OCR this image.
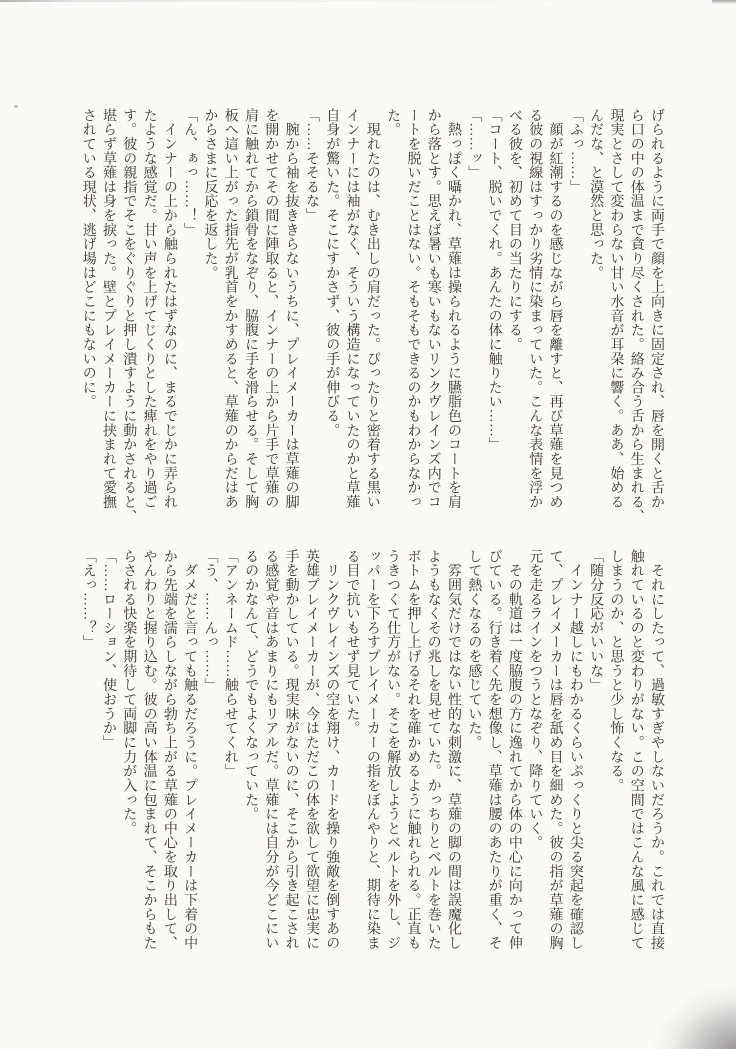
げられるように両手で顔を上向きに固定され、唇を開くと舌か

ら口の中の体温まで貪り尽くされた。絡み合う舌から生まれる、

現実とさして変わらない甘い水音が耳朶に響く。ああ、始める

んだな、と漠然と思った。

「ふっ……」

　顔が紅潮するのを感じながら唇を離すと、再び草薙を見つめ

る彼の視線はすっかり劣情に染まっていた。こんな表情を浮か

べる彼を、初めて目の当たりにする。

「コート、脱いでくれ。あんたの体に触りたい……」

「……ッ」

　熱っぽく囁かれ、草薙は操られるように臙脂色のコートを肩

から落とす。思えば暑いも寒いもないリンクヴレインズ内でコ

ートを脱いだことはない。そもそもできるのかもわからなかっ

た。

　現れたのは、むき出しの肩だった。ぴったりと密着する黒い

インナーには袖がなく、そういう構造になっていたのかと草薙

自身が驚いた。そこにすかさず、彼の手が伸びる。

「……そそるな」

　腕から袖を抜ききらないうちに、プレイメーカーは草薙の脚

を開かせてその間に陣取ると、インナーの上から片手で草薙の

肩に触れてから鎖骨をなぞり、脇腹に手を滑らせる。そして胸

板へ這い上がった指先が乳首をかすめると、草薙のからだはあ

からさまに反応を返した。

「ん、ぁっ……！」

　インナーの上から触られたはずなのに、まるでじかに弄られ

たような感覚だ。甘い声を上げてじくりとした痺れをやり過ご

す。彼の親指でそこをぐりぐりと押し潰すように動かされると、

堪らず草薙は身を捩った。壁とプレイメーカーに挟まれて愛撫

されている現状、逃げ場はどこにもないのに。

　それにしたって、過敏すぎやしないだろうか。これでは直接

触れているのと変わりがない。この空間ではこんな風に感じて

しまうのか、と思うと少し怖くなる。

「随分反応がいいな」

　インナー越しにもわかるくらいぷっくりと尖る突起を確認し

て、プレイメーカーは唇を舐め目を細めた。彼の指が草薙の胸

元を走るラインをつうとなぞり、降りていく。

　その軌道は一度脇腹の方に逸れてから体の中心に向かって伸

びている。行き着く先を想像し、草薙は腰のあたりが重く、そ

して熱くなるのを感じていた。

　雰囲気だけではない性的な刺激に、草薙の脚の間は誤魔化し

ようもなくその兆しを見せていた。かっちりとベルトを巻いた

ボトムを押し上げるそれを確かめるように触れられる。正直も

うきつくて仕方がない。そこを解放しようとベルトを外し、ジ

ッパーを下ろすプレイメーカーの指をぼんやりと、期待に染ま

る目で抗いもせず見ていた。

　リンクヴレインズの空を翔け、カードを操り強敵を倒すあの

英雄プレイメーカーが、今はただこの体を欲して欲望に忠実に

手を動かしている。現実味がないのに、そこから引き起こされ

る感覚や音はあまりにもリアルだ。草薙には自分が今どこにい

るのかなんて、どうでもよくなっていた。

「アンネームド……触らせてくれ」

「う、……んっ……」

　ダメだと言っても触るだろうに。プレイメーカーは下着の中

から先端を濡らしながら勃ち上がる草薙の中心を取り出して、

やんわりと握り込む。彼の高い体温に包まれて、そこからもた

らされる快楽を期待して両脚に力が入った。

「……ローション、使おうか」

「えっ……？」
